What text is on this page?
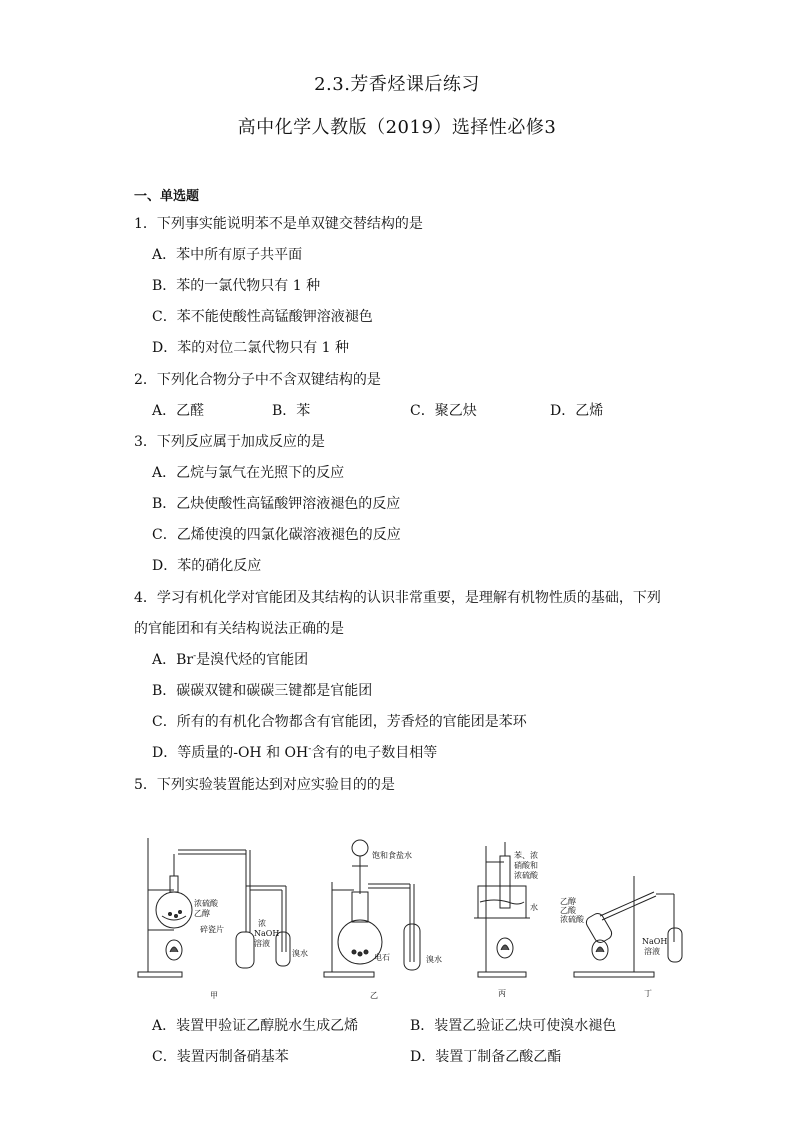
2.3.芳香烃课后练习
高中化学人教版（2019）选择性必修3
一、单选题
1．下列事实能说明苯不是单双键交替结构的是
A．苯中所有原子共平面
B．苯的一氯代物只有 1 种
C．苯不能使酸性高锰酸钾溶液褪色
D．苯的对位二氯代物只有 1 种
2．下列化合物分子中不含双键结构的是
A．乙醛	B．苯	C．聚乙炔	D．乙烯
3．下列反应属于加成反应的是
A．乙烷与氯气在光照下的反应
B．乙炔使酸性高锰酸钾溶液褪色的反应
C．乙烯使溴的四氯化碳溶液褪色的反应
D．苯的硝化反应
4．学习有机化学对官能团及其结构的认识非常重要，是理解有机物性质的基础，下列
的官能团和有关结构说法正确的是
A．Br-是溴代烃的官能团
B．碳碳双键和碳碳三键都是官能团
C．所有的有机化合物都含有官能团，芳香烃的官能团是苯环
D．等质量的-OH 和 OH-含有的电子数目相等
5．下列实验装置能达到对应实验目的的是
浓硫酸
乙醇
碎瓷片
浓
NaOH
溶液
溴水
饱和食盐水
电石	溴水
苯、浓
硝酸和
浓硫酸
水
乙醇
乙酸
浓硫酸
NaOH
溶液
甲	乙	丙	丁
A．装置甲验证乙醇脱水生成乙烯	B．装置乙验证乙炔可使溴水褪色
C．装置丙制备硝基苯	D．装置丁制备乙酸乙酯
